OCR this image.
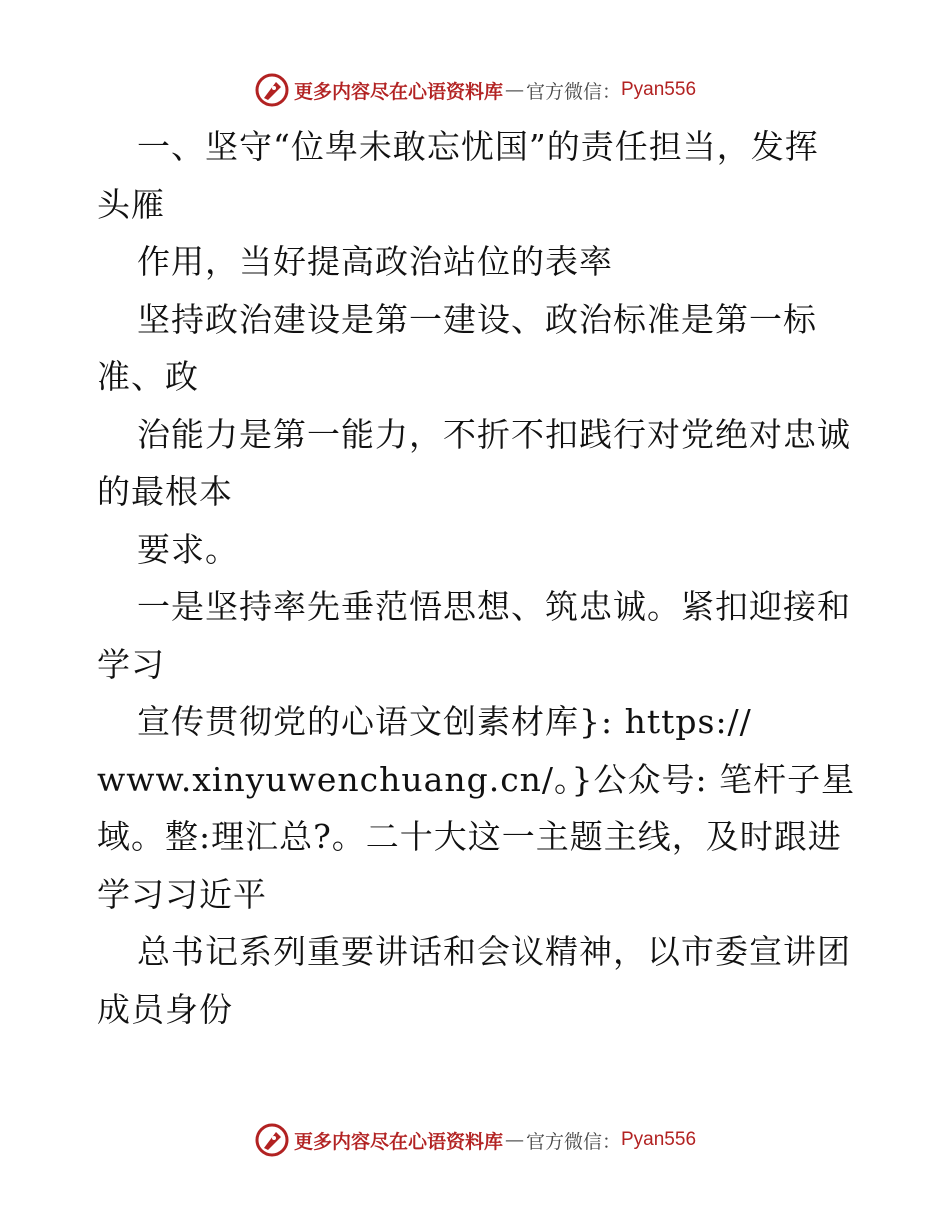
更多内容尽在心语资料库 — 官方微信： Pyan556
一、坚守“位卑未敢忘忧国”的责任担当，发挥
头雁
作用，当好提高政治站位的表率
坚持政治建设是第一建设、政治标准是第一标
准、政
治能力是第一能力，不折不扣践行对党绝对忠诚
的最根本
要求。
一是坚持率先垂范悟思想、筑忠诚。紧扣迎接和
学习
宣传贯彻党的心语文创素材库}: https://
www.xinyuwenchuang.cn/。}公众号: 笔杆子星
域。整:理汇总?。二十大这一主题主线，及时跟进
学习习近平
总书记系列重要讲话和会议精神，以市委宣讲团
成员身份
更多内容尽在心语资料库 — 官方微信： Pyan556
